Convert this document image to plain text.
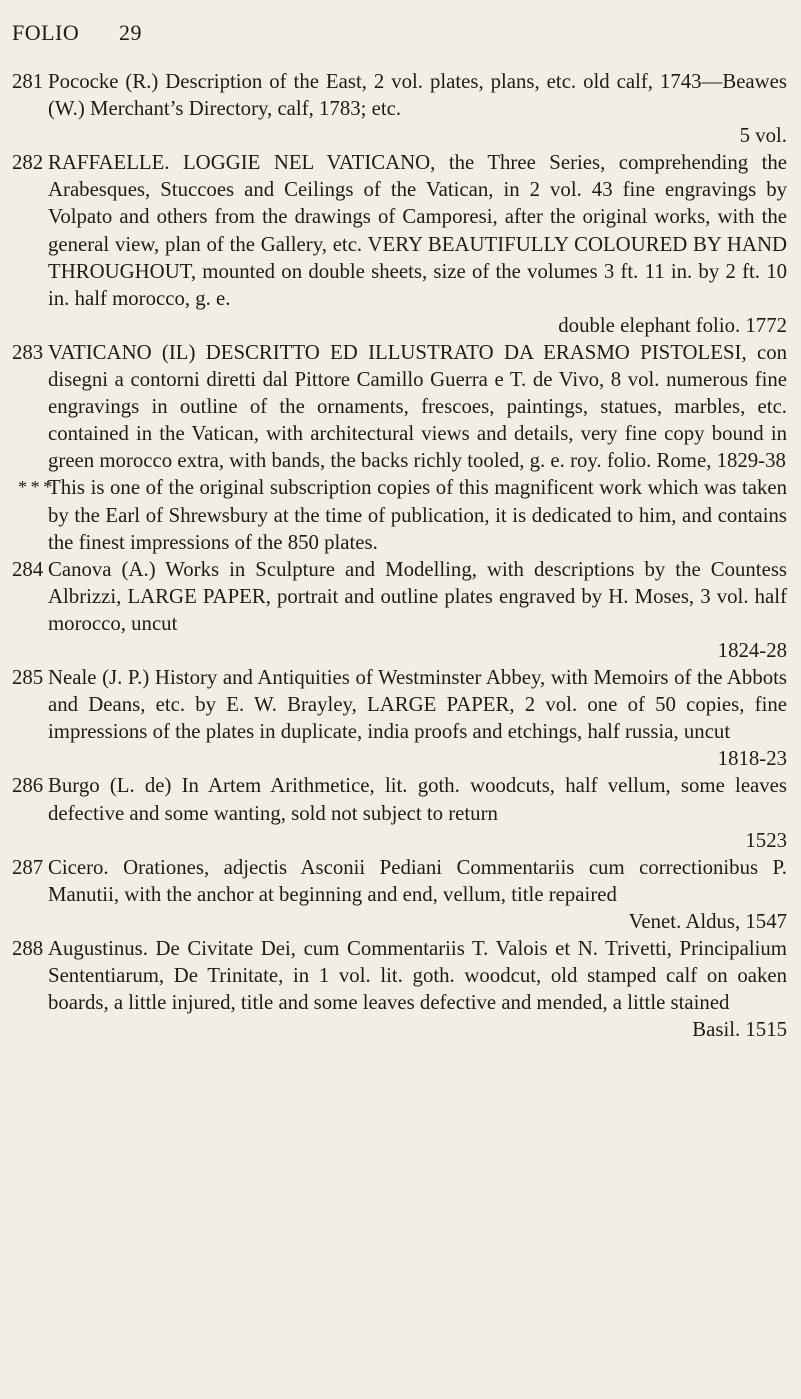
FOLIO 29
281 Pococke (R.) Description of the East, 2 vol. plates, plans, etc. old calf, 1743—Beawes (W.) Merchant’s Directory, calf, 1783; etc.
5 vol.
282 RAFFAELLE. LOGGIE NEL VATICANO, the Three Series, comprehending the Arabesques, Stuccoes and Ceilings of the Vatican, in 2 vol. 43 fine engravings by Volpato and others from the drawings of Camporesi, after the original works, with the general view, plan of the Gallery, etc. VERY BEAUTIFULLY COLOURED BY HAND THROUGHOUT, mounted on double sheets, size of the volumes 3 ft. 11 in. by 2 ft. 10 in. half morocco, g. e.
double elephant folio. 1772
283 VATICANO (IL) DESCRITTO ED ILLUSTRATO DA ERASMO PISTOLESI, con disegni a contorni diretti dal Pittore Camillo Guerra e T. de Vivo, 8 vol. numerous fine engravings in outline of the ornaments, frescoes, paintings, statues, marbles, etc. contained in the Vatican, with architectural views and details, very fine copy bound in green morocco extra, with bands, the backs richly tooled, g. e. roy. folio. Rome, 1829-38
* * *
This is one of the original subscription copies of this magnificent work which was taken by the Earl of Shrewsbury at the time of publication, it is dedicated to him, and contains the finest impressions of the 850 plates.
284 Canova (A.) Works in Sculpture and Modelling, with descriptions by the Countess Albrizzi, LARGE PAPER, portrait and outline plates engraved by H. Moses, 3 vol. half morocco, uncut
1824-28
285 Neale (J. P.) History and Antiquities of Westminster Abbey, with Memoirs of the Abbots and Deans, etc. by E. W. Brayley, LARGE PAPER, 2 vol. one of 50 copies, fine impressions of the plates in duplicate, india proofs and etchings, half russia, uncut
1818-23
286 Burgo (L. de) In Artem Arithmetice, lit. goth. woodcuts, half vellum, some leaves defective and some wanting, sold not subject to return
1523
287 Cicero. Orationes, adjectis Asconii Pediani Commentariis cum correctionibus P. Manutii, with the anchor at beginning and end, vellum, title repaired
Venet. Aldus, 1547
288 Augustinus. De Civitate Dei, cum Commentariis T. Valois et N. Trivetti, Principalium Sententiarum, De Trinitate, in 1 vol. lit. goth. woodcut, old stamped calf on oaken boards, a little injured, title and some leaves defective and mended, a little stained
Basil. 1515
